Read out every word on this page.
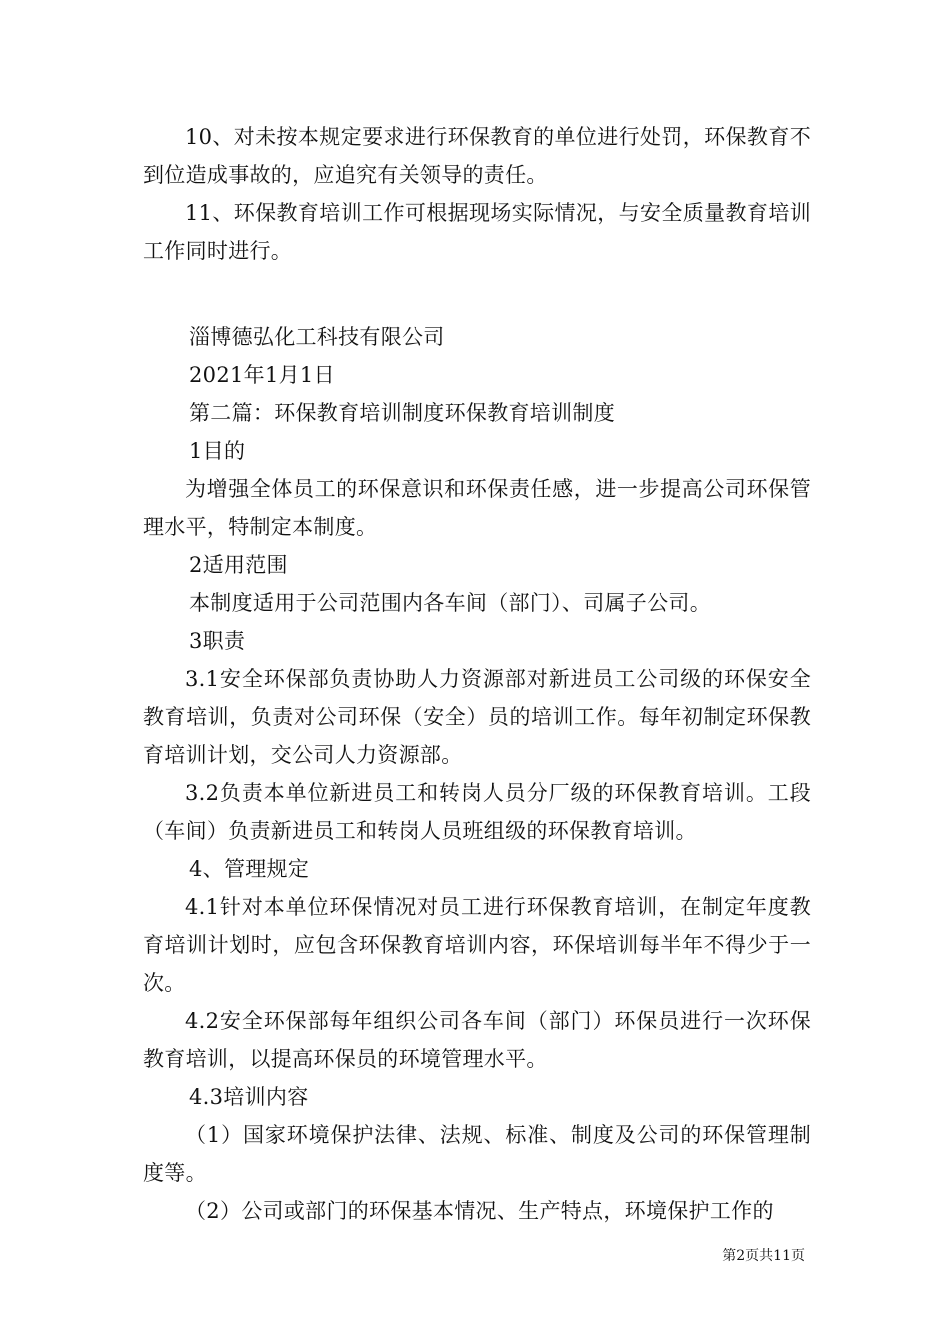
10、对未按本规定要求进行环保教育的单位进行处罚，环保教育不到位造成事故的，应追究有关领导的责任。

11、环保教育培训工作可根据现场实际情况，与安全质量教育培训工作同时进行。

淄博德弘化工科技有限公司

2021年1月1日

第二篇：环保教育培训制度环保教育培训制度

1目的

为增强全体员工的环保意识和环保责任感，进一步提高公司环保管理水平，特制定本制度。

2适用范围

本制度适用于公司范围内各车间（部门）、司属子公司。

3职责

3.1安全环保部负责协助人力资源部对新进员工公司级的环保安全教育培训，负责对公司环保（安全）员的培训工作。每年初制定环保教育培训计划，交公司人力资源部。

3.2负责本单位新进员工和转岗人员分厂级的环保教育培训。工段（车间）负责新进员工和转岗人员班组级的环保教育培训。

4、管理规定

4.1针对本单位环保情况对员工进行环保教育培训，在制定年度教育培训计划时，应包含环保教育培训内容，环保培训每半年不得少于一次。

4.2安全环保部每年组织公司各车间（部门）环保员进行一次环保教育培训，以提高环保员的环境管理水平。

4.3培训内容

（1）国家环境保护法律、法规、标准、制度及公司的环保管理制度等。

（2）公司或部门的环保基本情况、生产特点，环境保护工作的

第2页共11页
